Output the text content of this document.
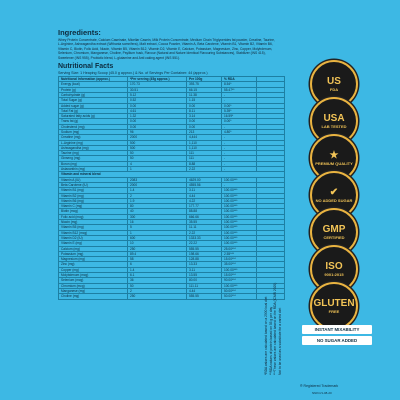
Ingredients:
Whey Protein Concentrate, Calcium Caseinate, Micellar Casein, Milk Protein Concentrate, Medium Chain Triglycerides fat powder, Creatine, Taurine, L-Arginine, Ashwagandha extract (Withania somnifera), Malt extract, Cocoa Powder, Vitamin A, Beta Carotene, Vitamin B1, Vitamin B2, Vitamin B6, Vitamin C, Biotin, Folic Acid, Niacin, Vitamin B5, Vitamin B12, Vitamin D2, Vitamin E, Calcium, Potassium, Magnesium, Zinc, Copper, Molybdenum, Selenium, Chromium, Manganese, Choline, Psyllium husk, Flavour (Natural and Nature Identical Flavouring Substances), Stabilizer (INS 415), Sweetener (INS 955), Probiotic blend, L-glutamine and Anti caking agent (INS 551).
Nutritional Facts
Serving Size: 1 Heaping Scoop (45.0 g approx.) & No. of Servings Per Container: 44 (approx.)
Nutritional Information (approx.)	*Per serving (45g approx.)	Per 100g	% RDA	
Energy (kcal)	170.73	393.75	8.54*	
Protein (g)	30.51	66.15	55.47**	
Carbohydrate (g)	5.12	11.38	-	
Total Sugar (g)	0.52	1.15	-	
Added sugar (g)	0.00	0.00	0.00*	
Total Fat (g)	4.61	8.11	5.39*	
Saturated fatty acids (g)	1.32	3.14	16.59*	
Trans fat (g)	0.00	0.00	0.00*	
Cholesterol (mg)	0.00	0.00	-	
Sodium (mg)	96	213	4.80*	
Creatine (mg)	2000	4,444	-	
L-Arginine (mg)	500	1,110	-	
Ashwagandha (mg)	500	1,110	-	
Taurine (mg)	50	111	-	
Ginseng (mg)	50	111	-	
Boron (mg)	4	8.88	-	
Astaxanthin (mg)	1	2.22	-	
Vitamin and mineral blend				
Vitamin A (IU)	2083	4629.00	100.00***	
Beta Carotene (IU)	2000	4555.56	-	
Vitamin B1 (mg)	1.4	3.11	100.00***	
Vitamin B2 (mg)	2	4.44	100.00***	
Vitamin B6 (mg)	1.9	4.22	100.00***	
Vitamin C (mg)	80	177.77	100.00***	
Biotin (mcg)	40	88.88	100.00***	
Folic acid (mcg)	300	666.66	100.00***	
Niacin (mg)	16	35.55	100.00***	
Vitamin B5 (mg)	5	11.11	100.00***	
Vitamin B12 (mcg)	1	2.22	100.00***	
Vitamin D2 (IU)	600	1333.33	100.00***	
Vitamin E (mg)	10	22.22	100.00***	
Calcium (mg)	250	555.55	25.00***	
Potassium (mg)	89.4	198.66	2.55***	
Magnesium (mg)	58	128.88	15.00***	
Zinc (mg)	6	13.33	35.00***	
Copper (mg)	1.4	3.11	100.00***	
Molybdenum (mcg)	6.1	13.55	15.00***	
Selenium (mcg)	36	80.00	90.00***	
Chromium (mcg)	50	111.11	100.00***	
Manganese (mg)	2	4.44	50.00***	
Choline (mg)	250	555.55	50.00***	
*RDA values are calculated based on a 2000 kcal diet **RDA values of protein based on 55 g per day ***These values are calculated based on the RDA (ICMR 2020) Not to be used as a substitute for a varied diet
US
FDA
USA
LAB TESTED
★
PREMIUM QUALITY
✔
NO ADDED SUGAR
GMP
CERTIFIED
ISO
9001:2015
GLUTEN
FREE
INSTANT MIXABILITY
NO SUGAR ADDED
® Registered Trademark
NNKC/1-08-20
